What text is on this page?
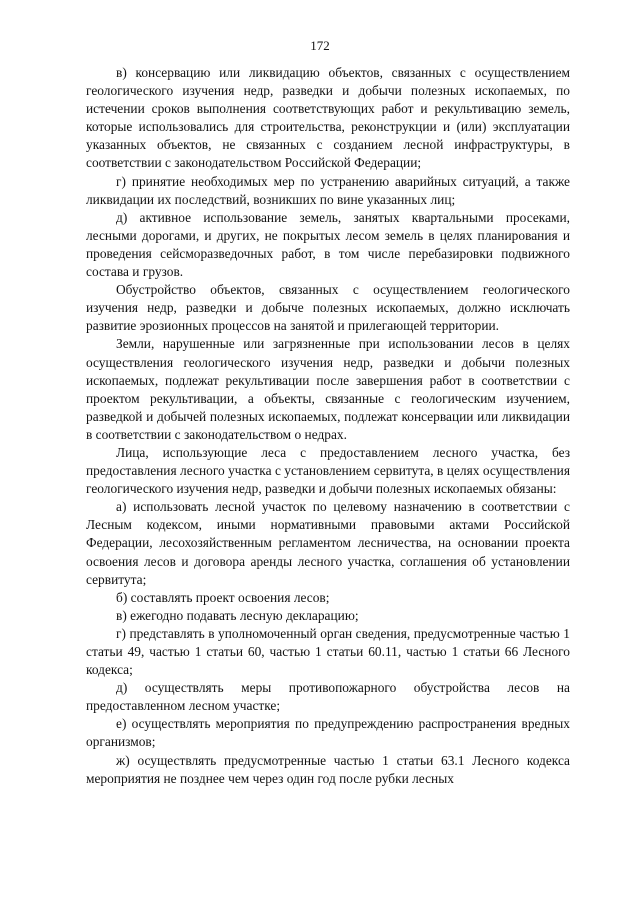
172

в) консервацию или ликвидацию объектов, связанных с осуществлением геологического изучения недр, разведки и добычи полезных ископаемых, по истечении сроков выполнения соответствующих работ и рекультивацию земель, которые использовались для строительства, реконструкции и (или) эксплуатации указанных объектов, не связанных с созданием лесной инфраструктуры, в соответствии с законодательством Российской Федерации;

г) принятие необходимых мер по устранению аварийных ситуаций, а также ликвидации их последствий, возникших по вине указанных лиц;

д) активное использование земель, занятых квартальными просеками, лесными дорогами, и других, не покрытых лесом земель в целях планирования и проведения сейсморазведочных работ, в том числе перебазировки подвижного состава и грузов.

Обустройство объектов, связанных с осуществлением геологического изучения недр, разведки и добыче полезных ископаемых, должно исключать развитие эрозионных процессов на занятой и прилегающей территории.

Земли, нарушенные или загрязненные при использовании лесов в целях осуществления геологического изучения недр, разведки и добычи полезных ископаемых, подлежат рекультивации после завершения работ в соответствии с проектом рекультивации, а объекты, связанные с геологическим изучением, разведкой и добычей полезных ископаемых, подлежат консервации или ликвидации в соответствии с законодательством о недрах.

Лица, использующие леса с предоставлением лесного участка, без предоставления лесного участка с установлением сервитута, в целях осуществления геологического изучения недр, разведки и добычи полезных ископаемых обязаны:

а) использовать лесной участок по целевому назначению в соответствии с Лесным кодексом, иными нормативными правовыми актами Российской Федерации, лесохозяйственным регламентом лесничества, на основании проекта освоения лесов и договора аренды лесного участка, соглашения об установлении сервитута;

б) составлять проект освоения лесов;

в) ежегодно подавать лесную декларацию;

г) представлять в уполномоченный орган сведения, предусмотренные частью 1 статьи 49, частью 1 статьи 60, частью 1 статьи 60.11, частью 1 статьи 66 Лесного кодекса;

д) осуществлять меры противопожарного обустройства лесов на предоставленном лесном участке;

е) осуществлять мероприятия по предупреждению распространения вредных организмов;

ж) осуществлять предусмотренные частью 1 статьи 63.1 Лесного кодекса мероприятия не позднее чем через один год после рубки лесных
